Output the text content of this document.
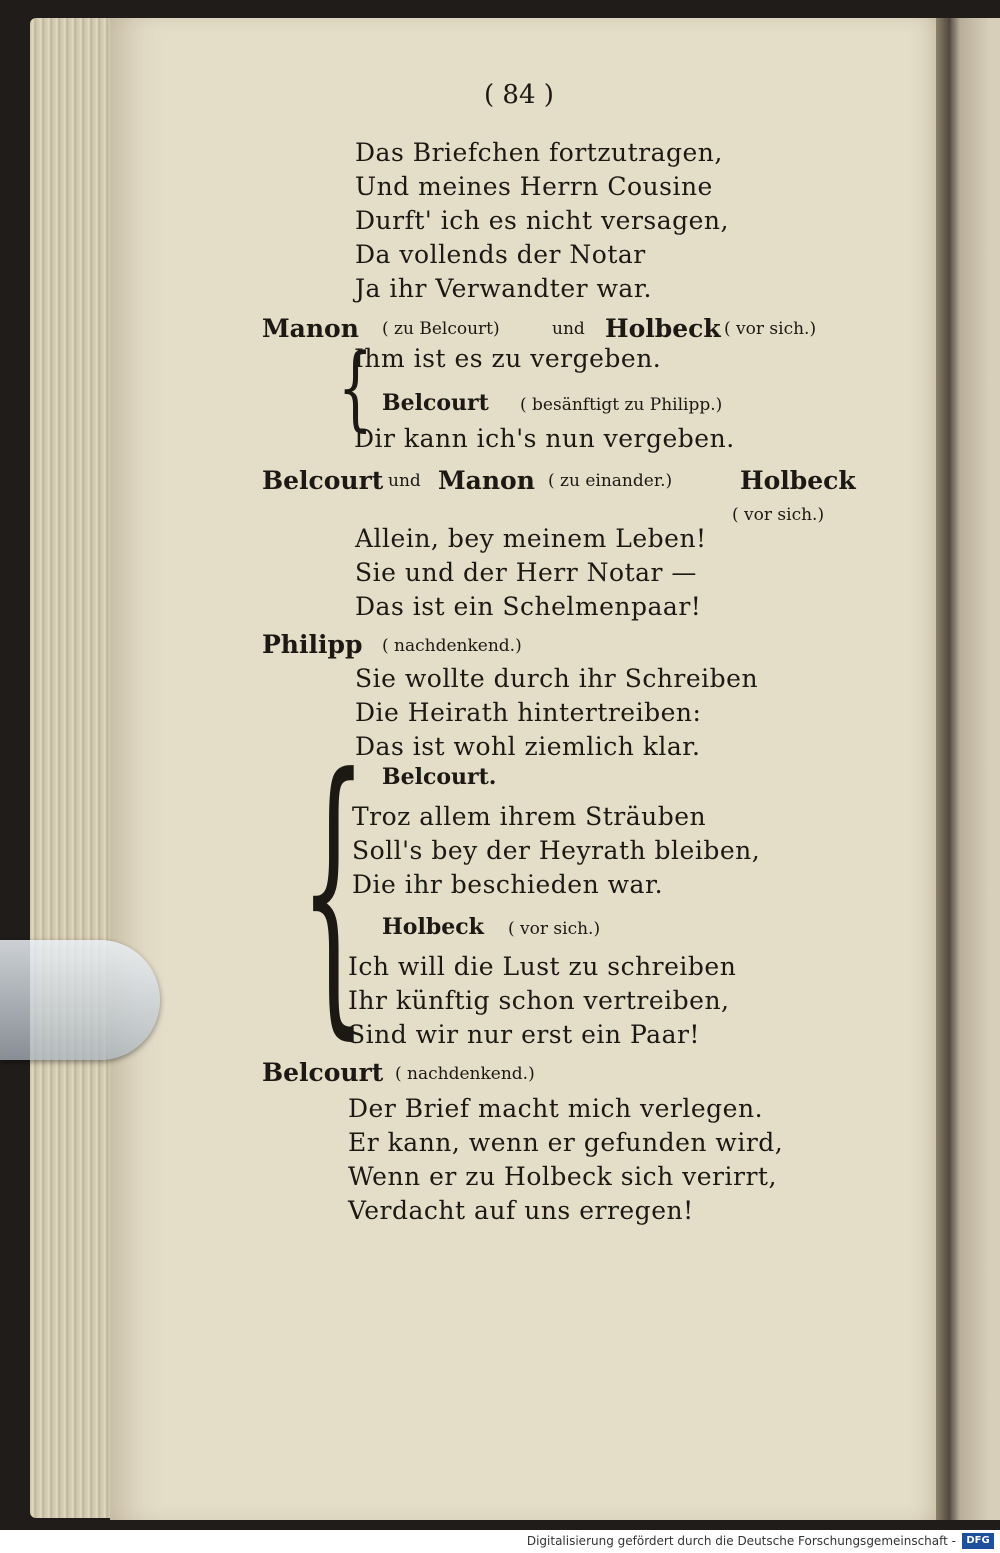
( 84 )
Das Briefchen fortzutragen,
Und meines Herrn Cousine
Durft' ich es nicht versagen,
Da vollends der Notar
Ja ihr Verwandter war.
Manon ( zu Belcourt)	und Holbeck ( vor sich.)
{
Ihm ist es zu vergeben.
Belcourt ( besänftigt zu Philipp.)
Dir kann ich's nun vergeben.
Belcourt und Manon ( zu einander.)	Holbeck
( vor sich.)
Allein, bey meinem Leben!
Sie und der Herr Notar —
Das ist ein Schelmenpaar!
Philipp ( nachdenkend.)
Sie wollte durch ihr Schreiben
Die Heirath hintertreiben:
Das ist wohl ziemlich klar.
{ Belcourt.
Troz allem ihrem Sträuben
Soll's bey der Heyrath bleiben,
Die ihr beschieden war.
Holbeck ( vor sich.)
Ich will die Lust zu schreiben
Ihr künftig schon vertreiben,
Sind wir nur erst ein Paar!
Belcourt ( nachdenkend.)
Der Brief macht mich verlegen.
Er kann, wenn er gefunden wird,
Wenn er zu Holbeck sich verirrt,
Verdacht auf uns erregen!
Digitalisierung gefördert durch die Deutsche Forschungsgemeinschaft -	DFG
